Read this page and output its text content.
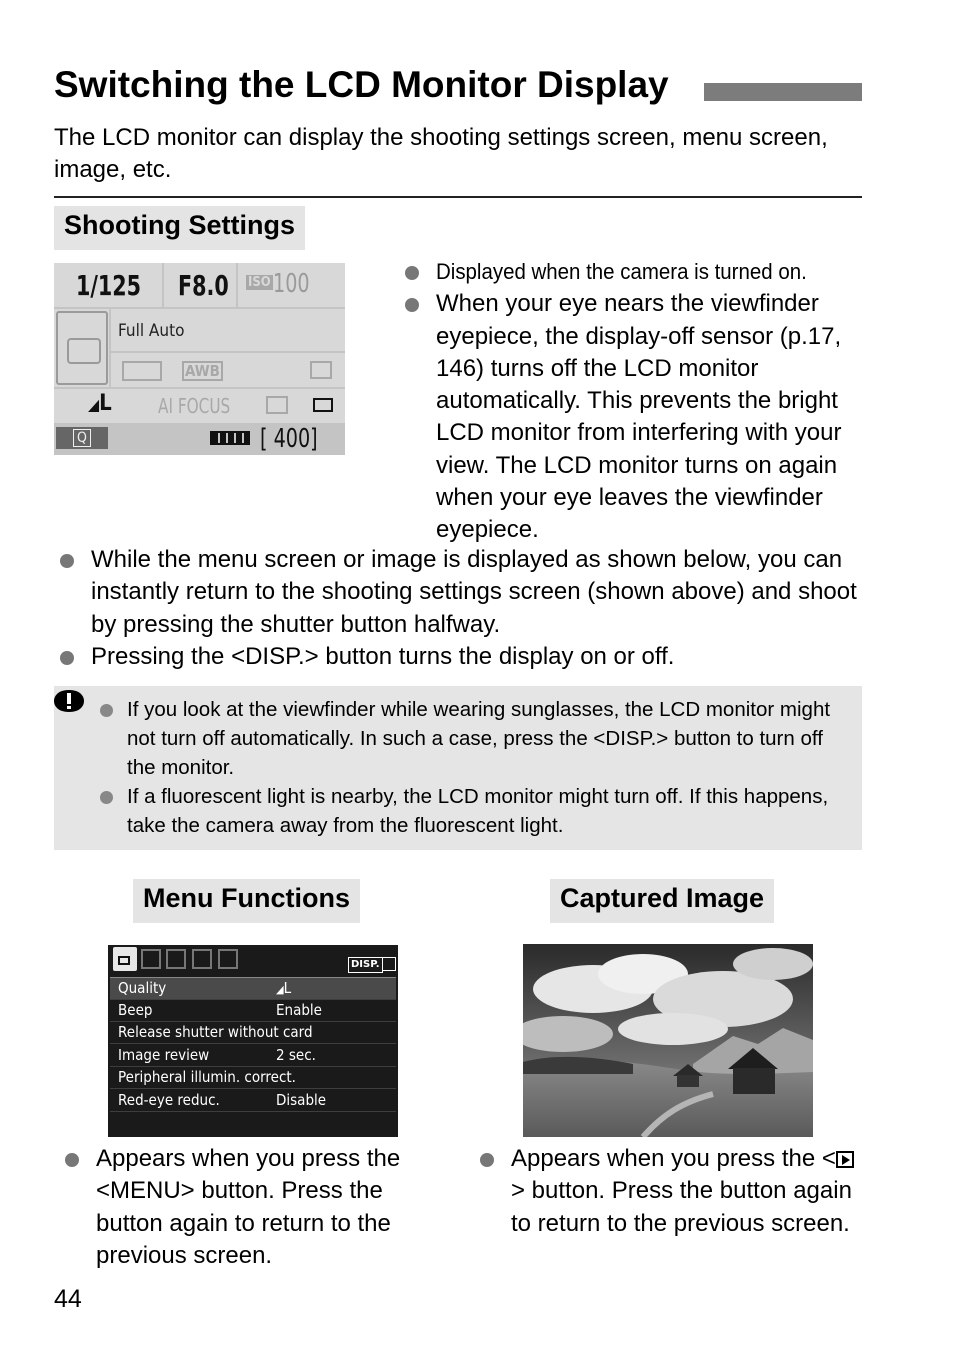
Switching the LCD Monitor Display
The LCD monitor can display the shooting settings screen, menu screen, image, etc.
Shooting Settings
1/125 F8.0 ISO 100
Full Auto
AWB
◢L AI FOCUS
Q	[ 400]
Displayed when the camera is turned on.
When your eye nears the viewfinder eyepiece, the display-off sensor (p.17, 146) turns off the LCD monitor automatically. This prevents the bright LCD monitor from interfering with your view. The LCD monitor turns on again when your eye leaves the viewfinder eyepiece.
While the menu screen or image is displayed as shown below, you can instantly return to the shooting settings screen (shown above) and shoot by pressing the shutter button halfway.
Pressing the <DISP.> button turns the display on or off.
If you look at the viewfinder while wearing sunglasses, the LCD monitor might not turn off automatically. In such a case, press the <DISP.> button to turn off the monitor.
If a fluorescent light is nearby, the LCD monitor might turn off. If this happens, take the camera away from the fluorescent light.
Menu Functions
DISP.
Quality	◢L
Beep	Enable
Release shutter without card
Image review	2 sec.
Peripheral illumin. correct.
Red-eye reduc.	Disable
Appears when you press the <MENU> button. Press the button again to return to the previous screen.
Captured Image
Appears when you press the <
> button. Press the button again to return to the previous screen.
44
